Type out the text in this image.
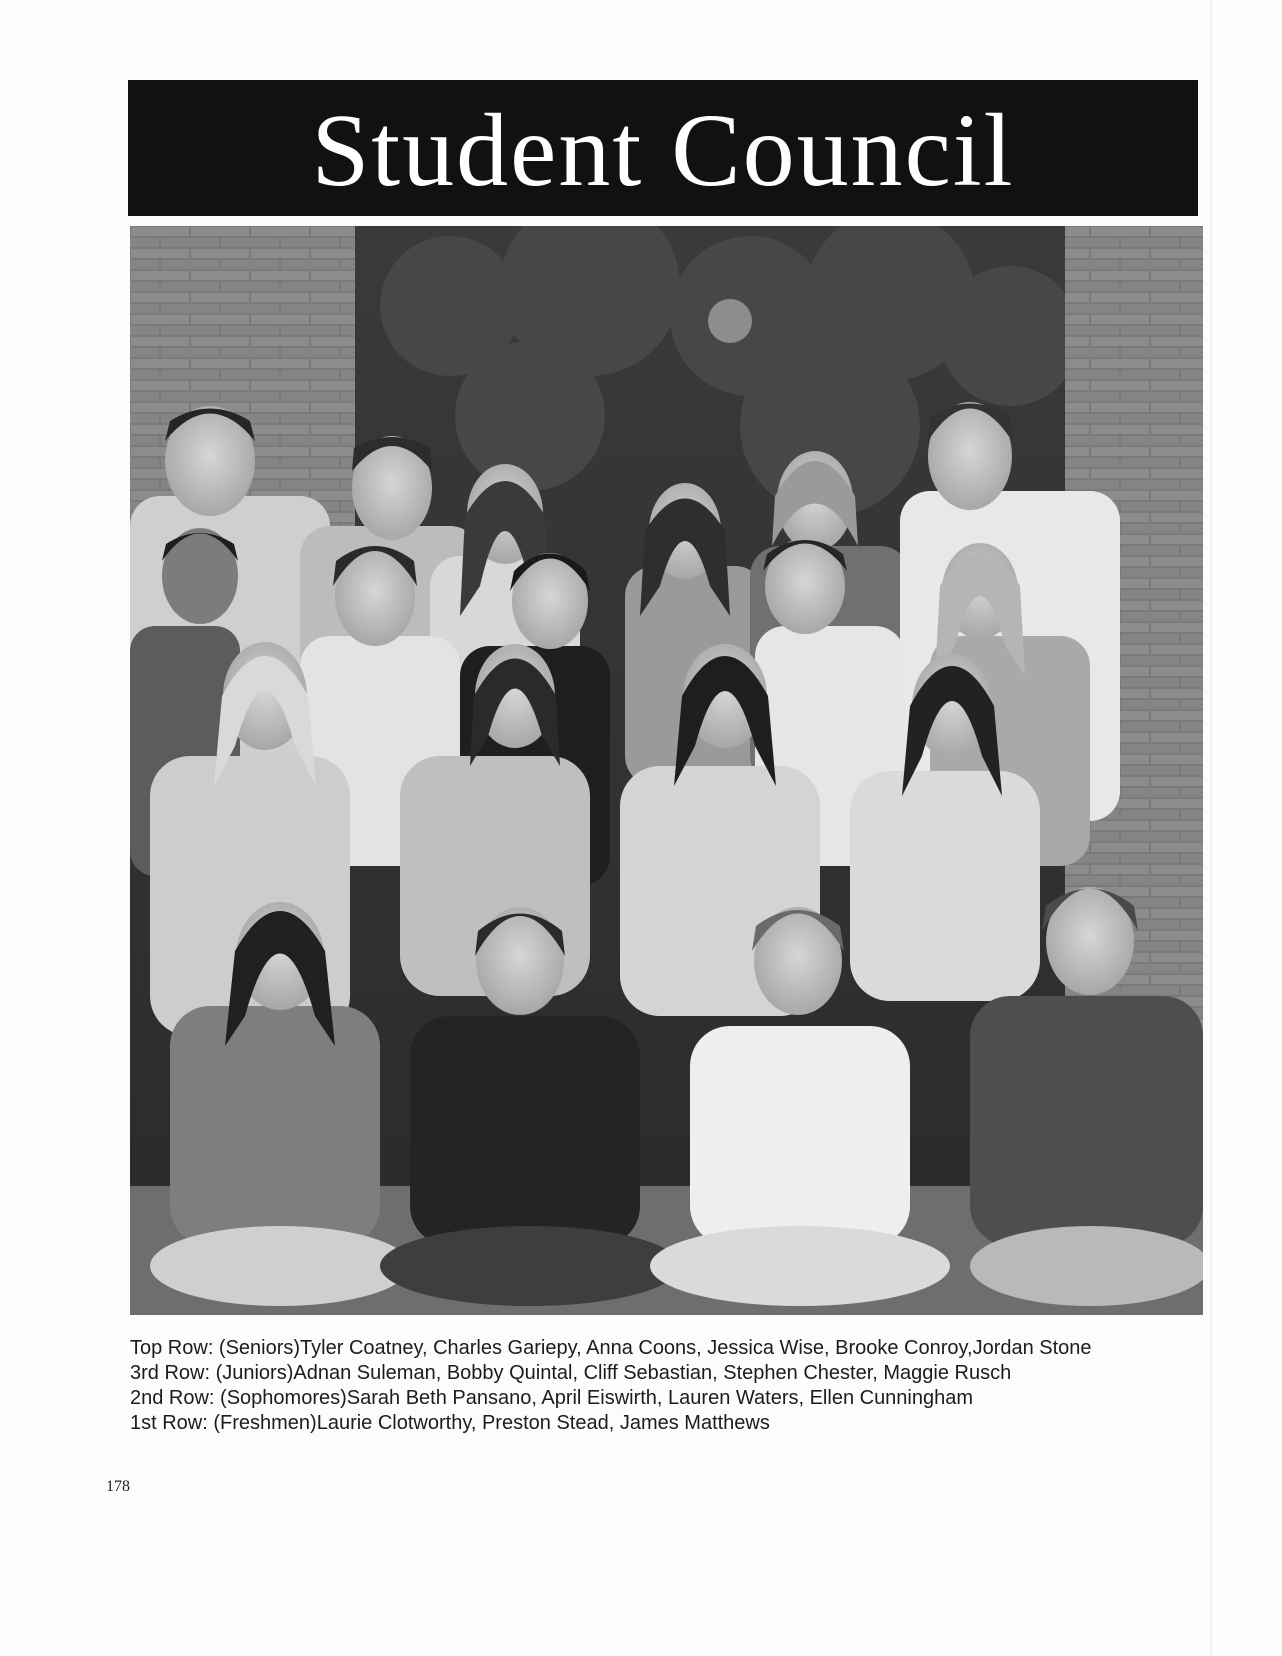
Student Council
Top Row: (Seniors)Tyler Coatney, Charles Gariepy, Anna Coons, Jessica Wise, Brooke Conroy,Jordan Stone
3rd Row: (Juniors)Adnan Suleman, Bobby Quintal, Cliff Sebastian, Stephen Chester, Maggie Rusch
2nd Row: (Sophomores)Sarah Beth Pansano, April Eiswirth, Lauren Waters, Ellen Cunningham
1st Row: (Freshmen)Laurie Clotworthy, Preston Stead, James Matthews
178
